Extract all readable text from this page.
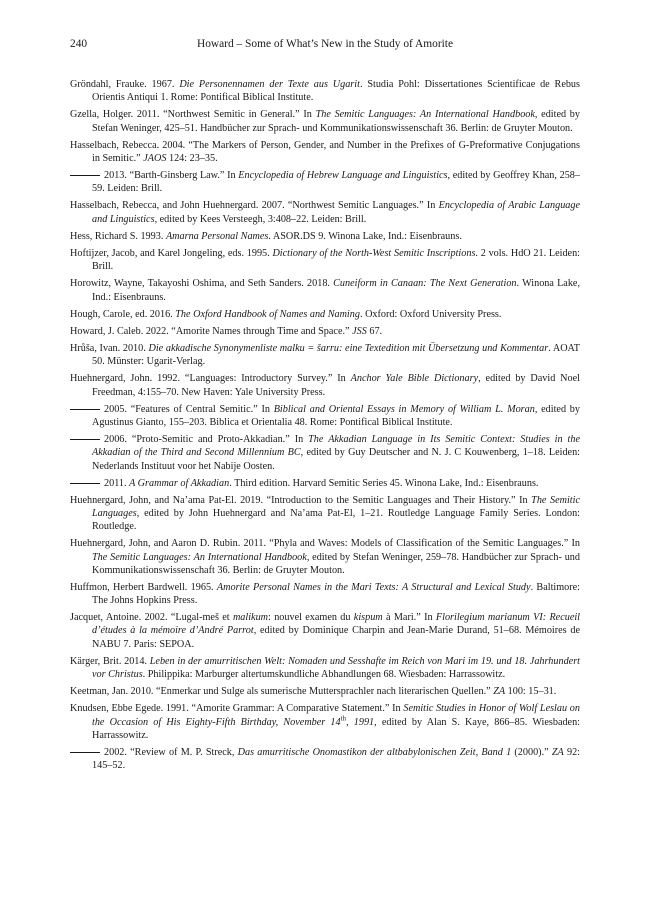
240	Howard – Some of What’s New in the Study of Amorite

Gröndahl, Frauke. 1967. Die Personennamen der Texte aus Ugarit. Studia Pohl: Dissertationes Scientificae de Rebus Orientis Antiqui 1. Rome: Pontifical Biblical Institute.

Gzella, Holger. 2011. “Northwest Semitic in General.” In The Semitic Languages: An International Handbook, edited by Stefan Weninger, 425–51. Handbücher zur Sprach- und Kommunikationswissenschaft 36. Berlin: de Gruyter Mouton.

Hasselbach, Rebecca. 2004. “The Markers of Person, Gender, and Number in the Prefixes of G-Preformative Conjugations in Semitic.” JAOS 124: 23–35.

2013. “Barth-Ginsberg Law.” In Encyclopedia of Hebrew Language and Linguistics, edited by Geoffrey Khan, 258–59. Leiden: Brill.

Hasselbach, Rebecca, and John Huehnergard. 2007. “Northwest Semitic Languages.” In Encyclopedia of Arabic Language and Linguistics, edited by Kees Versteegh, 3:408–22. Leiden: Brill.

Hess, Richard S. 1993. Amarna Personal Names. ASOR.DS 9. Winona Lake, Ind.: Eisenbrauns.

Hoftijzer, Jacob, and Karel Jongeling, eds. 1995. Dictionary of the North-West Semitic Inscriptions. 2 vols. HdO 21. Leiden: Brill.

Horowitz, Wayne, Takayoshi Oshima, and Seth Sanders. 2018. Cuneiform in Canaan: The Next Generation. Winona Lake, Ind.: Eisenbrauns.

Hough, Carole, ed. 2016. The Oxford Handbook of Names and Naming. Oxford: Oxford University Press.

Howard, J. Caleb. 2022. “Amorite Names through Time and Space.” JSS 67.

Hrůša, Ivan. 2010. Die akkadische Synonymenliste malku = šarru: eine Textedition mit Übersetzung und Kommentar. AOAT 50. Münster: Ugarit-Verlag.

Huehnergard, John. 1992. “Languages: Introductory Survey.” In Anchor Yale Bible Dictionary, edited by David Noel Freedman, 4:155–70. New Haven: Yale University Press.

2005. “Features of Central Semitic.” In Biblical and Oriental Essays in Memory of William L. Moran, edited by Agustinus Gianto, 155–203. Biblica et Orientalia 48. Rome: Pontifical Biblical Institute.

2006. “Proto-Semitic and Proto-Akkadian.” In The Akkadian Language in Its Semitic Context: Studies in the Akkadian of the Third and Second Millennium BC, edited by Guy Deutscher and N. J. C Kouwenberg, 1–18. Leiden: Nederlands Instituut voor het Nabije Oosten.

2011. A Grammar of Akkadian. Third edition. Harvard Semitic Series 45. Winona Lake, Ind.: Eisenbrauns.

Huehnergard, John, and Na’ama Pat-El. 2019. “Introduction to the Semitic Languages and Their History.” In The Semitic Languages, edited by John Huehnergard and Na’ama Pat-El, 1–21. Routledge Language Family Series. London: Routledge.

Huehnergard, John, and Aaron D. Rubin. 2011. “Phyla and Waves: Models of Classification of the Semitic Languages.” In The Semitic Languages: An International Handbook, edited by Stefan Weninger, 259–78. Handbücher zur Sprach- und Kommunikationswissenschaft 36. Berlin: de Gruyter Mouton.

Huffmon, Herbert Bardwell. 1965. Amorite Personal Names in the Mari Texts: A Structural and Lexical Study. Baltimore: The Johns Hopkins Press.

Jacquet, Antoine. 2002. “Lugal-meš et malikum: nouvel examen du kispum à Mari.” In Florilegium marianum VI: Recueil d’études à la mémoire d’André Parrot, edited by Dominique Charpin and Jean-Marie Durand, 51–68. Mémoires de NABU 7. Paris: SEPOA.

Kärger, Brit. 2014. Leben in der amurritischen Welt: Nomaden und Sesshafte im Reich von Mari im 19. und 18. Jahrhundert vor Christus. Philippika: Marburger altertumskundliche Abhandlungen 68. Wiesbaden: Harrassowitz.

Keetman, Jan. 2010. “Enmerkar und Sulge als sumerische Muttersprachler nach literarischen Quellen.” ZA 100: 15–31.

Knudsen, Ebbe Egede. 1991. “Amorite Grammar: A Comparative Statement.” In Semitic Studies in Honor of Wolf Leslau on the Occasion of His Eighty-Fifth Birthday, November 14th, 1991, edited by Alan S. Kaye, 866–85. Wiesbaden: Harrassowitz.

2002. “Review of M. P. Streck, Das amurritische Onomastikon der altbabylonischen Zeit, Band 1 (2000).” ZA 92: 145–52.
